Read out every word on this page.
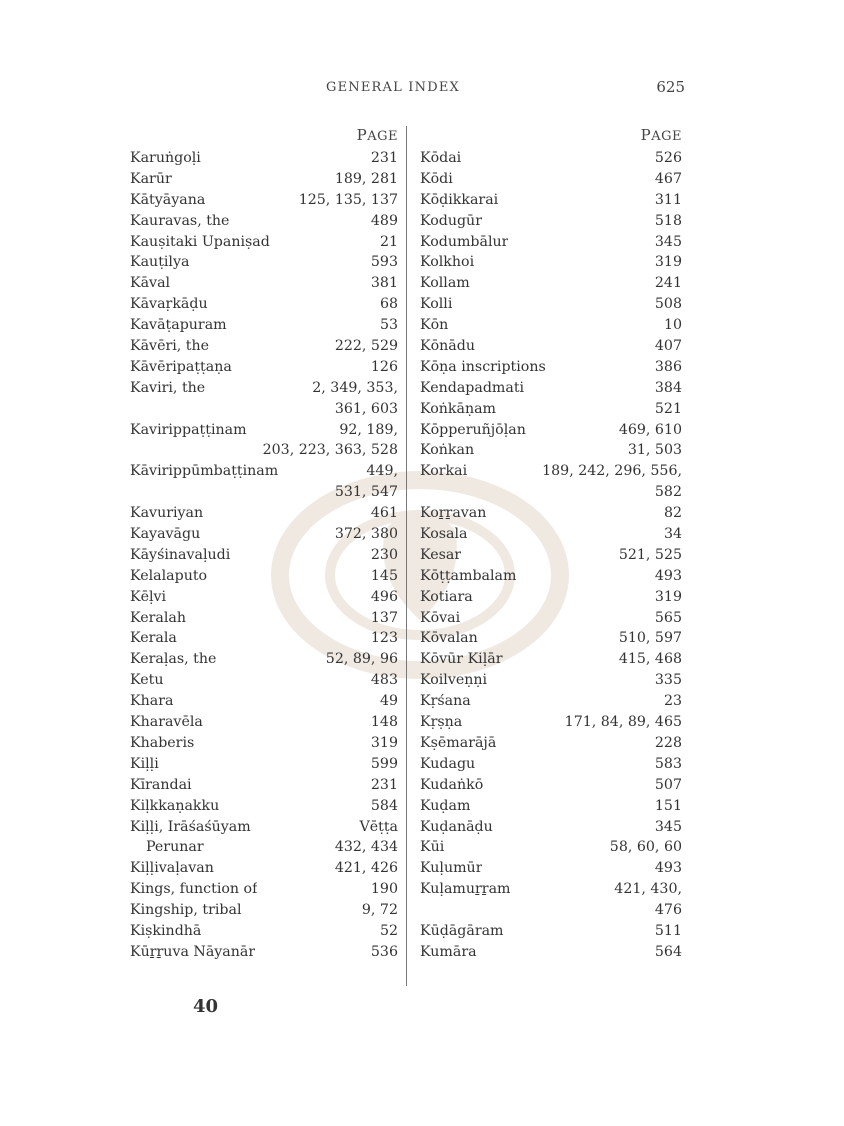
GENERAL INDEX	625
PAGE
Karuṅgoḷi	231
Karūr	189, 281
Kātyāyana	125, 135, 137
Kauravas, the	489
Kauṣitaki Upaniṣad	21
Kauṭilya	593
Kāval	381
Kāvaṛkāḍu	68
Kavāṭapuram	53
Kāvēri, the	222, 529
Kāvēripaṭṭaṇa	126
Kaviri, the	2, 349, 353,
361, 603
Kavirippaṭṭinam	92, 189,
203, 223, 363, 528
Kāvirippūmbaṭṭinam	449,
531, 547
Kavuriyan	461
Kayavāgu	372, 380
Kāyśinavaḷudi	230
Kelalaputo	145
Kēḷvi	496
Keralah	137
Kerala	123
Keraḷas, the	52, 89, 96
Ketu	483
Khara	49
Kharavēla	148
Khaberis	319
Kiḷḷi	599
Kīrandai	231
Kiḷkkaṇakku	584
Kiḷḷi, Irāśaśūyam	Vēṭṭa
Perunar	432, 434
Kiḷḷivaḷavan	421, 426
Kings, function of	190
Kingship, tribal	9, 72
Kiṣkindhā	52
Kūṟṟuva Nāyanār	536
PAGE
Kōdai	526
Kōdi	467
Kōḍikkarai	311
Kodugūr	518
Kodumbālur	345
Kolkhoi	319
Kollam	241
Kolli	508
Kōn	10
Kōnādu	407
Kōṇa inscriptions	386
Kendapadmati	384
Koṅkāṇam	521
Kōpperuñjōḷan	469, 610
Koṅkan	31, 503
Korkai	189, 242, 296, 556,
582
Koṟṟavan	82
Kosala	34
Kesar	521, 525
Kōṭṭambalam	493
Kotiara	319
Kōvai	565
Kōvalan	510, 597
Kōvūr Kiḷār	415, 468
Koilveṇṇi	335
Kṛśana	23
Kṛṣṇa	171, 84, 89, 465
Kṣēmarājā	228
Kudagu	583
Kudaṅkō	507
Kuḍam	151
Kuḍanāḍu	345
Kūi	58, 60, 60
Kuḷumūr	493
Kuḷamuṟṟam	421, 430,
476
Kūḍāgāram	511
Kumāra	564
40
